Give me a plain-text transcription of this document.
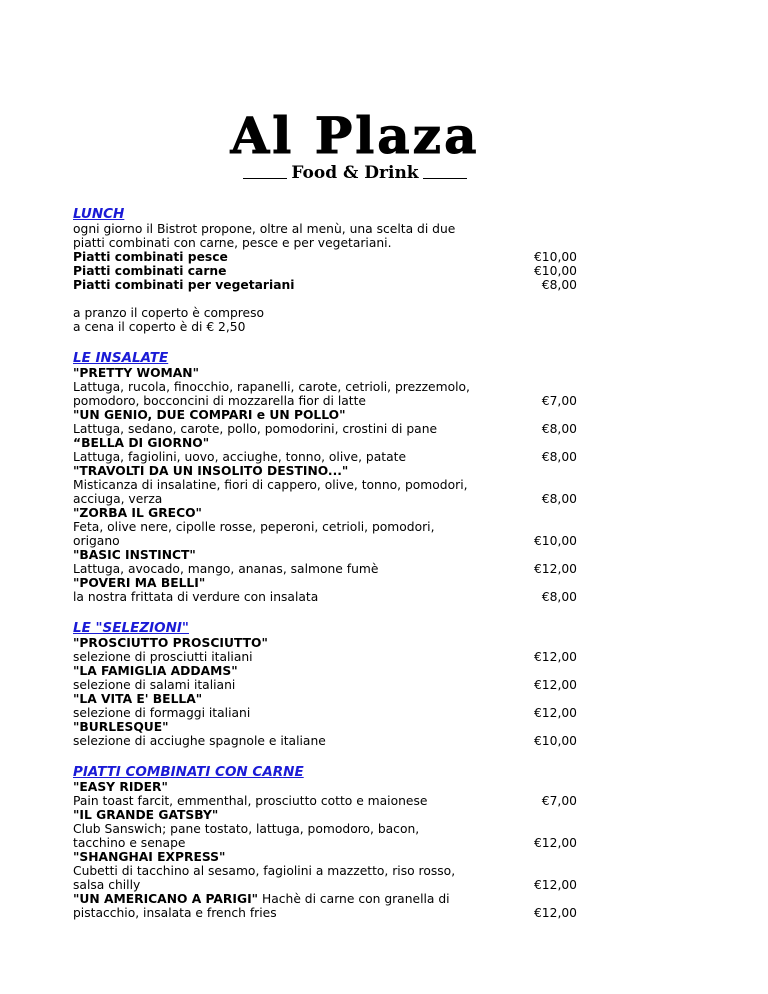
Al Plaza
Food & Drink
LUNCH
ogni giorno il Bistrot propone, oltre al menù, una scelta di due piatti combinati con carne, pesce e per vegetariani.
Piatti combinati pesce	€10,00
Piatti combinati carne	€10,00
Piatti combinati per vegetariani	€8,00
a pranzo il coperto è compreso
a cena il coperto è di € 2,50
LE INSALATE
"PRETTY WOMAN"
Lattuga, rucola, finocchio, rapanelli, carote, cetrioli, prezzemolo, pomodoro, bocconcini di mozzarella fior di latte	€7,00
"UN GENIO, DUE COMPARI e UN POLLO"
Lattuga, sedano, carote, pollo, pomodorini, crostini di pane	€8,00
“BELLA DI GIORNO"
Lattuga, fagiolini, uovo, acciughe, tonno, olive, patate	€8,00
"TRAVOLTI DA UN INSOLITO DESTINO..."
Misticanza di insalatine, fiori di cappero, olive, tonno, pomodori, acciuga, verza	€8,00
"ZORBA IL GRECO"
Feta, olive nere, cipolle rosse, peperoni, cetrioli, pomodori, origano	€10,00
"BASIC INSTINCT"
Lattuga, avocado, mango, ananas, salmone fumè	€12,00
"POVERI MA BELLI"
la nostra frittata di verdure con insalata	€8,00
LE "SELEZIONI"
"PROSCIUTTO PROSCIUTTO"
selezione di prosciutti italiani	€12,00
"LA FAMIGLIA ADDAMS"
selezione di salami italiani	€12,00
"LA VITA E' BELLA"
selezione di formaggi italiani	€12,00
"BURLESQUE"
selezione di acciughe spagnole e italiane	€10,00
PIATTI COMBINATI CON CARNE
"EASY RIDER"
Pain toast farcit, emmenthal, prosciutto cotto e maionese	€7,00
"IL GRANDE GATSBY"
Club Sanswich; pane tostato, lattuga, pomodoro, bacon, tacchino e senape	€12,00
"SHANGHAI EXPRESS"
Cubetti di tacchino al sesamo, fagiolini a mazzetto, riso rosso, salsa chilly	€12,00
"UN AMERICANO A PARIGI" Hachè di carne con granella di pistacchio, insalata e french fries	€12,00
